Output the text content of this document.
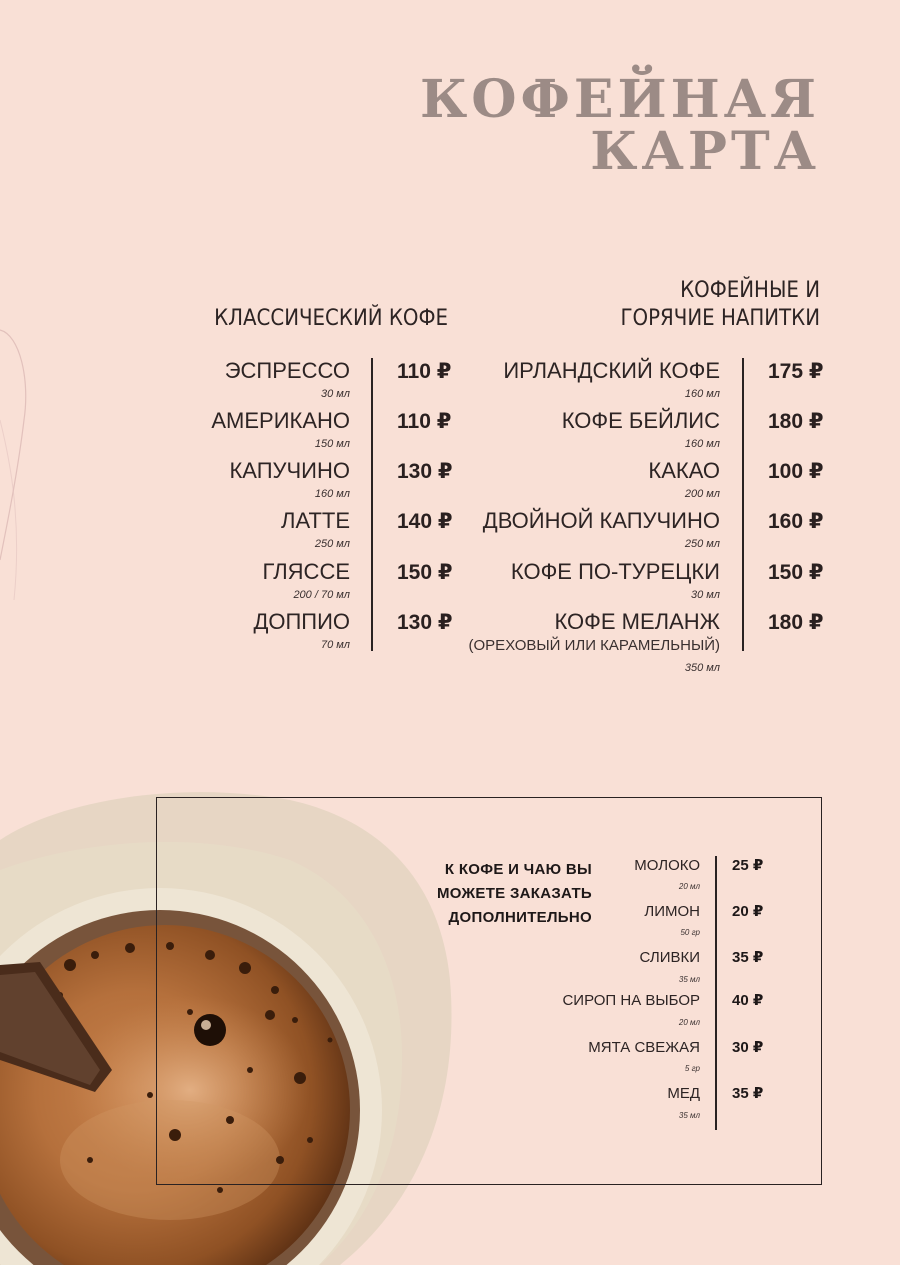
КОФЕЙНАЯ
КАРТА
КЛАССИЧЕСКИЙ КОФЕ
ЭСПРЕССО
30 мл
АМЕРИКАНО
150 мл
КАПУЧИНО
160 мл
ЛАТТЕ
250 мл
ГЛЯССЕ
200 / 70 мл
ДОППИО
70 мл
110 ₽
110 ₽
130 ₽
140 ₽
150 ₽
130 ₽
КОФЕЙНЫЕ И
ГОРЯЧИЕ НАПИТКИ
ИРЛАНДСКИЙ КОФЕ
160 мл
КОФЕ БЕЙЛИС
160 мл
КАКАО
200 мл
ДВОЙНОЙ КАПУЧИНО
250 мл
КОФЕ ПО-ТУРЕЦКИ
30 мл
КОФЕ МЕЛАНЖ
(ОРЕХОВЫЙ ИЛИ КАРАМЕЛЬНЫЙ)
350 мл
175 ₽
180 ₽
100 ₽
160 ₽
150 ₽
180 ₽
К КОФЕ И ЧАЮ ВЫ
МОЖЕТЕ ЗАКАЗАТЬ
ДОПОЛНИТЕЛЬНО
МОЛОКО
20 мл
ЛИМОН
50 гр
СЛИВКИ
35 мл
СИРОП НА ВЫБОР
20 мл
МЯТА СВЕЖАЯ
5 гр
МЕД
35 мл
25 ₽
20 ₽
35 ₽
40 ₽
30 ₽
35 ₽
